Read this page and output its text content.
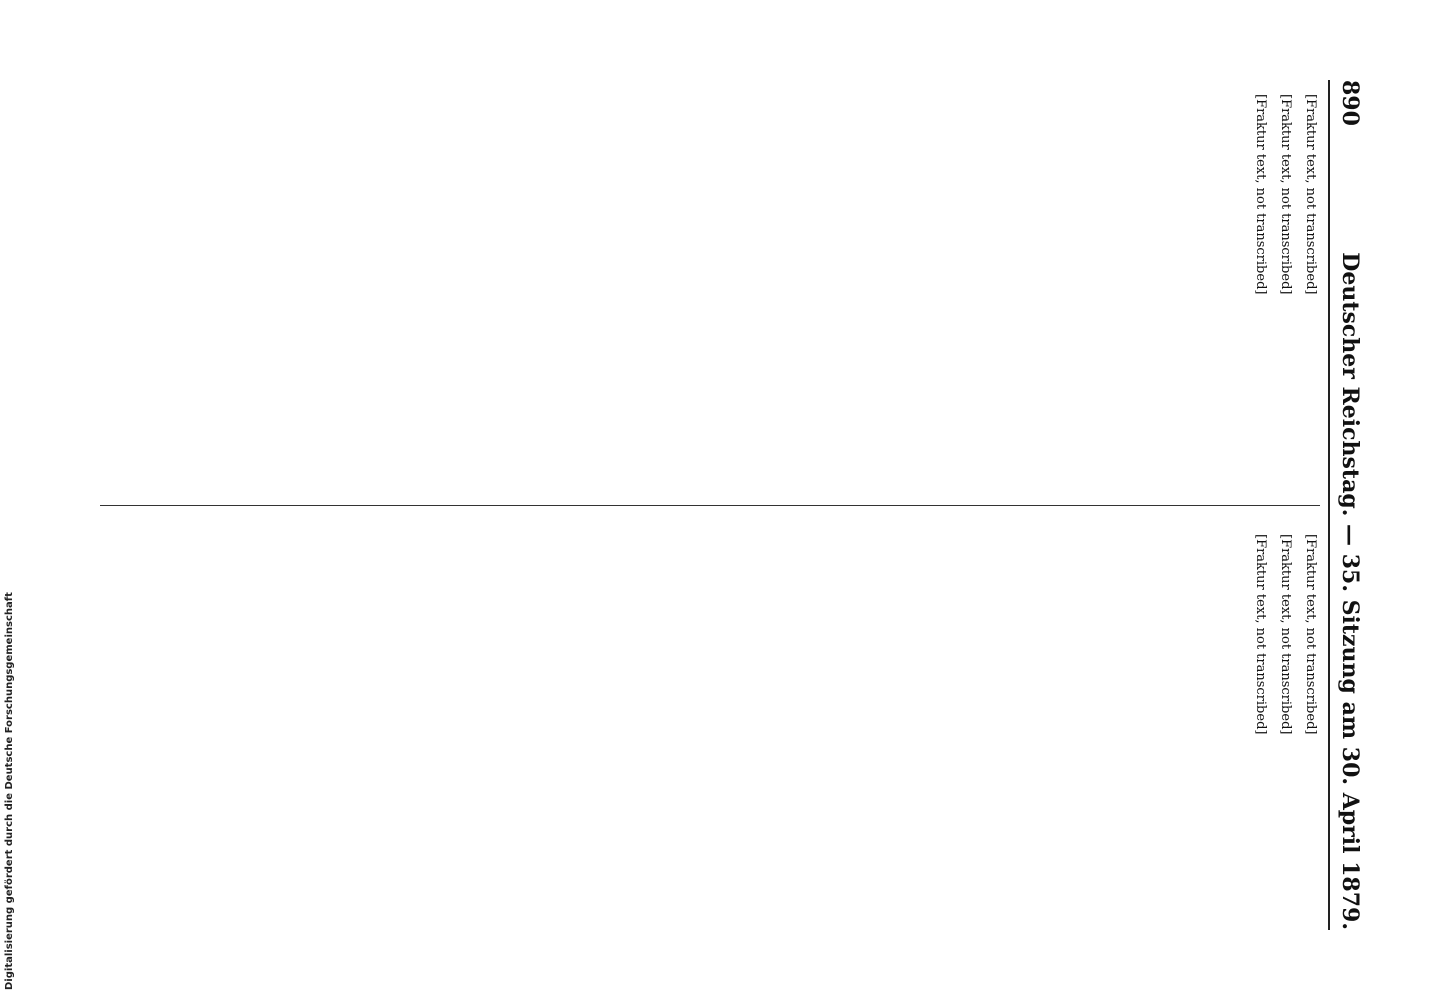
890
Deutscher Reichstag. — 35. Sitzung am 30. April 1879.

[Fraktur text, not transcribed]

[Fraktur text, not transcribed]

[Fraktur text, not transcribed]

[Fraktur text, not transcribed]

[Fraktur text, not transcribed]

[Fraktur text, not transcribed]

Digitalisierung gefördert durch die Deutsche Forschungsgemeinschaft
